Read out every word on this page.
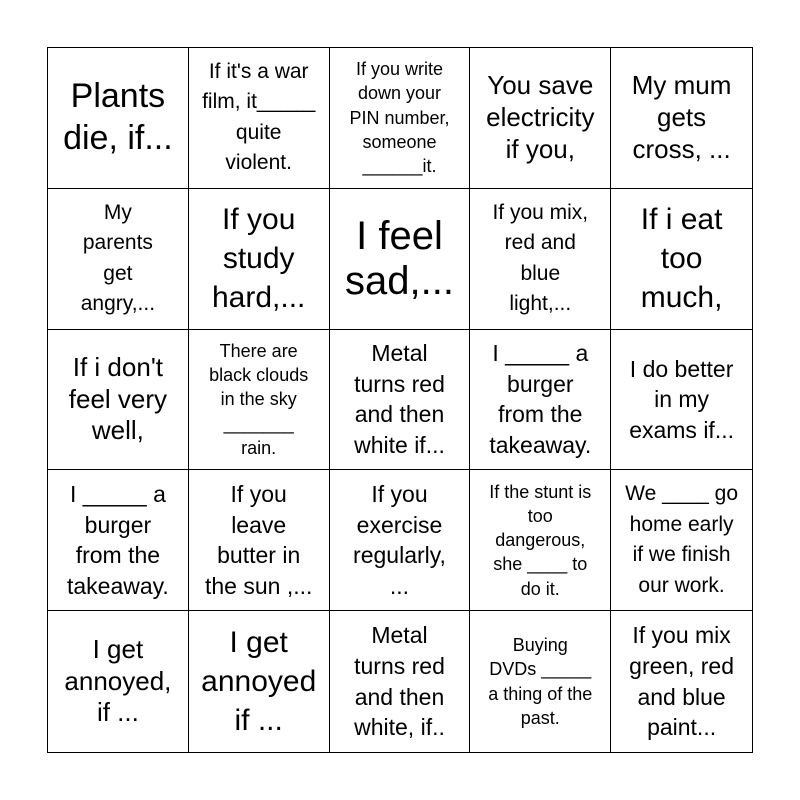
Plants
die, if...
If it's a war
film, it_____
quite
violent.
If you write
down your
PIN number,
someone
______it.
You save
electricity
if you,
My mum
gets
cross, ...
My
parents
get
angry,...
If you
study
hard,...
I feel
sad,...
If you mix,
red and
blue
light,...
If i eat
too
much,
If i don't
feel very
well,
There are
black clouds
in the sky
_______
rain.
Metal
turns red
and then
white if...
I _____ a
burger
from the
takeaway.
I do better
in my
exams if...
I _____ a
burger
from the
takeaway.
If you
leave
butter in
the sun ,...
If you
exercise
regularly,
...
If the stunt is
too
dangerous,
she ____ to
do it.
We ____ go
home early
if we finish
our work.
I get
annoyed,
if ...
I get
annoyed
if ...
Metal
turns red
and then
white, if..
Buying
DVDs _____
a thing of the
past.
If you mix
green, red
and blue
paint...
